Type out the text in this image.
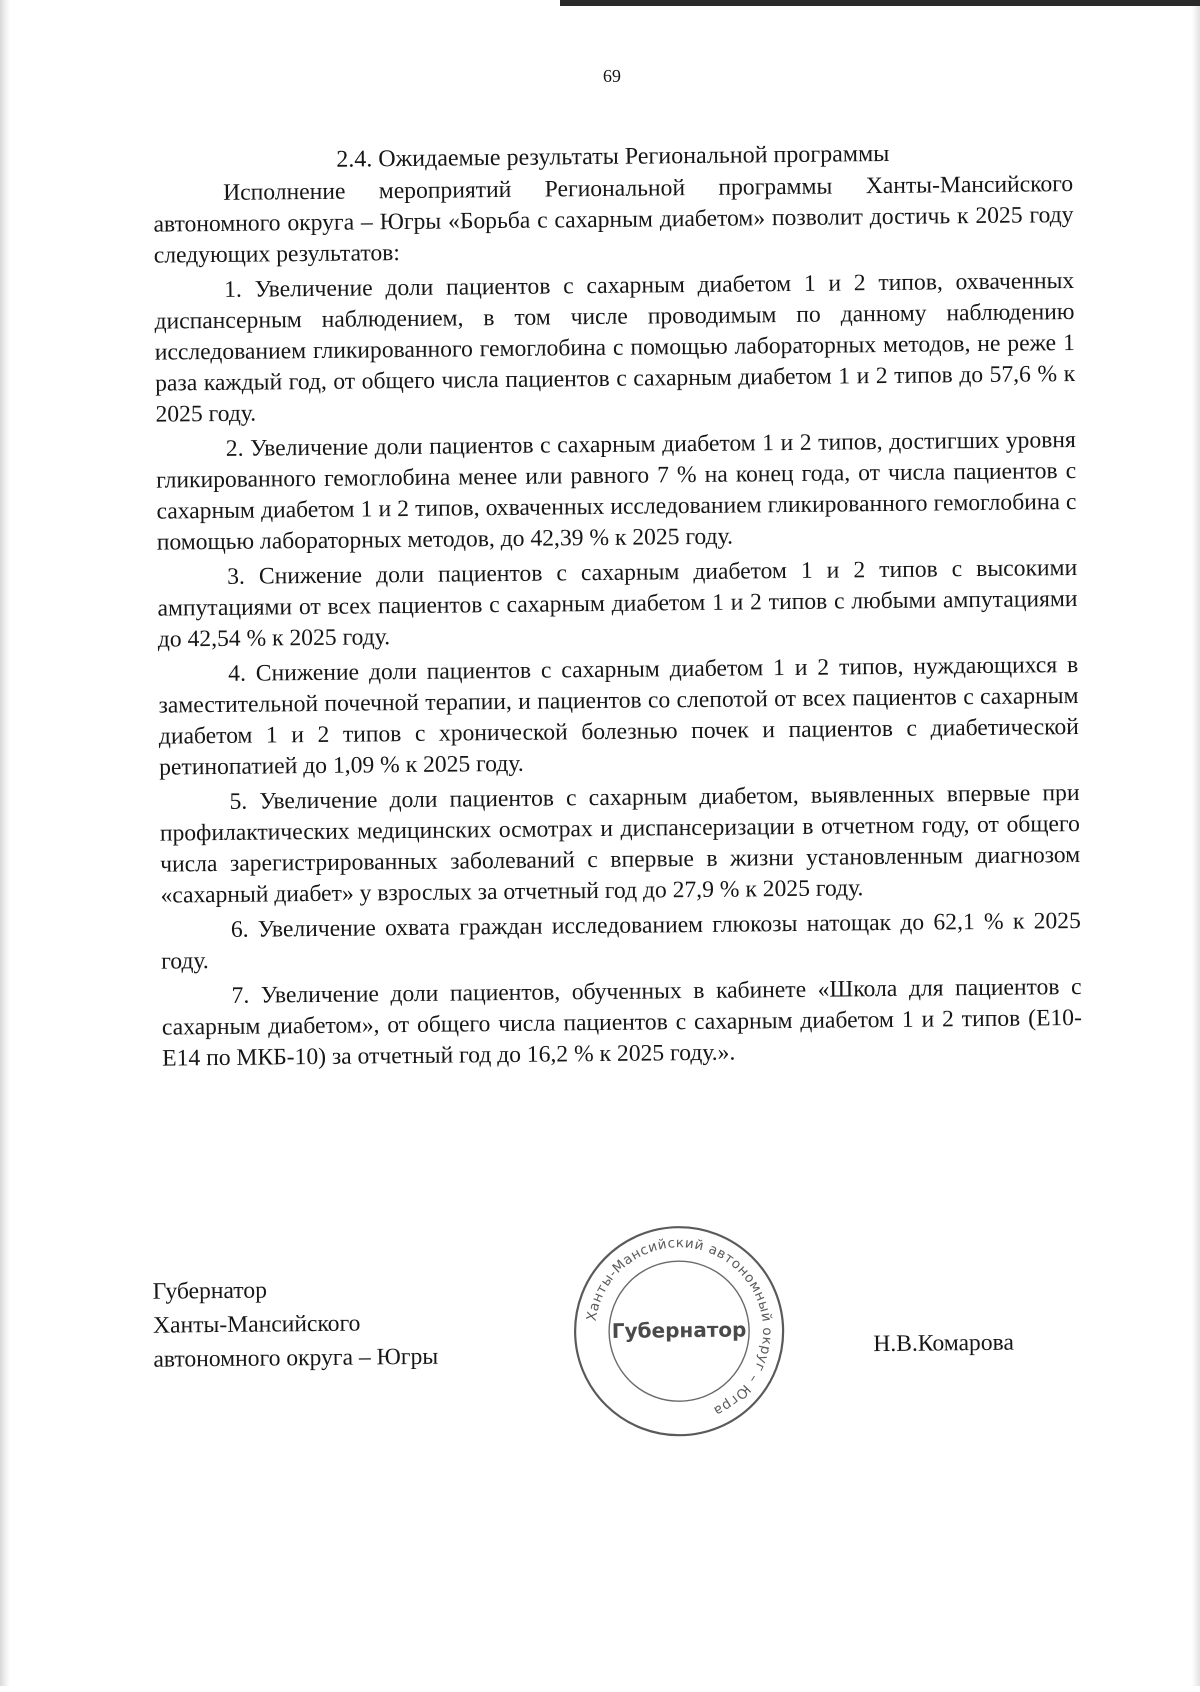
69
2.4. Ожидаемые результаты Региональной программы

Исполнение мероприятий Региональной программы Ханты-Мансийского автономного округа – Югры «Борьба с сахарным диабетом» позволит достичь к 2025 году следующих результатов:

1. Увеличение доли пациентов с сахарным диабетом 1 и 2 типов, охваченных диспансерным наблюдением, в том числе проводимым по данному наблюдению исследованием гликированного гемоглобина с помощью лабораторных методов, не реже 1 раза каждый год, от общего числа пациентов с сахарным диабетом 1 и 2 типов до 57,6 % к 2025 году.

2. Увеличение доли пациентов с сахарным диабетом 1 и 2 типов, достигших уровня гликированного гемоглобина менее или равного 7 % на конец года, от числа пациентов с сахарным диабетом 1 и 2 типов, охваченных исследованием гликированного гемоглобина с помощью лабораторных методов, до 42,39 % к 2025 году.

3. Снижение доли пациентов с сахарным диабетом 1 и 2 типов с высокими ампутациями от всех пациентов с сахарным диабетом 1 и 2 типов с любыми ампутациями до 42,54 % к 2025 году.

4. Снижение доли пациентов с сахарным диабетом 1 и 2 типов, нуждающихся в заместительной почечной терапии, и пациентов со слепотой от всех пациентов с сахарным диабетом 1 и 2 типов с хронической болезнью почек и пациентов с диабетической ретинопатией до 1,09 % к 2025 году.

5. Увеличение доли пациентов с сахарным диабетом, выявленных впервые при профилактических медицинских осмотрах и диспансеризации в отчетном году, от общего числа зарегистрированных заболеваний с впервые в жизни установленным диагнозом «сахарный диабет» у взрослых за отчетный год до 27,9 % к 2025 году.

6. Увеличение охвата граждан исследованием глюкозы натощак до 62,1 % к 2025 году.

7. Увеличение доли пациентов, обученных в кабинете «Школа для пациентов с сахарным диабетом», от общего числа пациентов с сахарным диабетом 1 и 2 типов (Е10-Е14 по МКБ-10) за отчетный год до 16,2 % к 2025 году.».

Губернатор
Ханты-Мансийского
автономного округа – Югры
Ханты-Мансийский автономный округ – Югра
Губернатор	Н.В.Комарова
